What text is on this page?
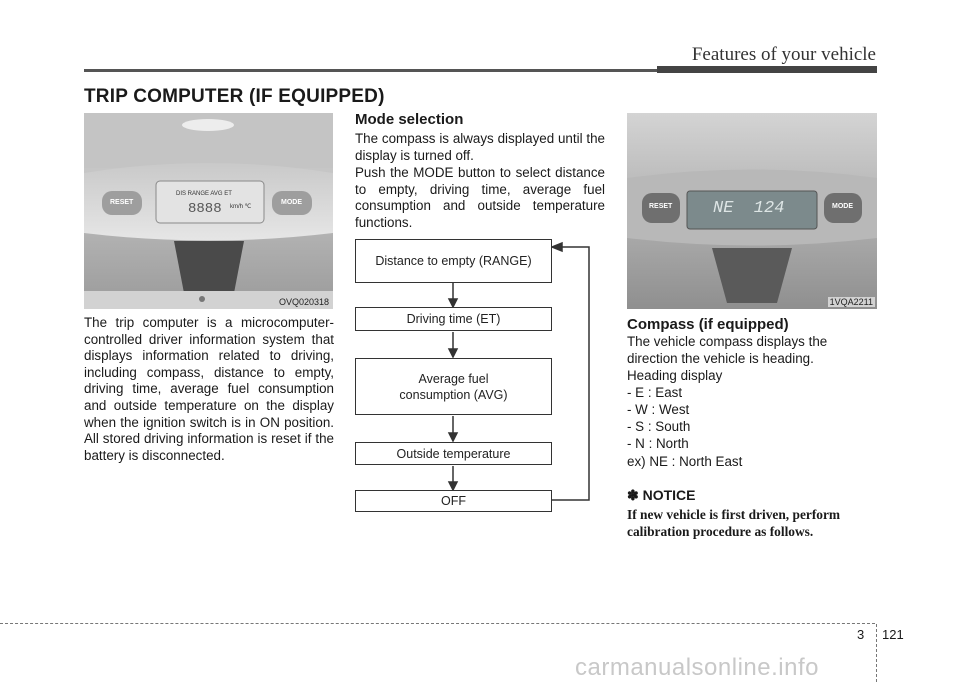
Features of your vehicle
TRIP COMPUTER (IF EQUIPPED)
RESET	MODE
DIS RANGE AVG ET
8888 km/h ℃
OVQ020318
The trip computer is a microcomputer-controlled driver information system that displays information related to driving, including compass, distance to empty, driving time, average fuel consumption and outside temperature on the display when the ignition switch is in ON position. All stored driving information is reset if the battery is disconnected.
Mode selection
The compass is always displayed until the display is turned off.
Push the MODE button to select distance to empty, driving time, average fuel consumption and outside temperature functions.
Distance to empty (RANGE)
Driving time (ET)
Average fuel consumption (AVG)
Outside temperature
OFF
RESET	MODE
NE  124
1VQA2211
Compass (if equipped)
The vehicle compass displays the direction the vehicle is heading.
Heading display
- E : East
- W : West
- S : South
- N : North
ex) NE : North East
✽ NOTICE
If new vehicle is first driven, perform calibration procedure as follows.
3 121
carmanualsonline.info
